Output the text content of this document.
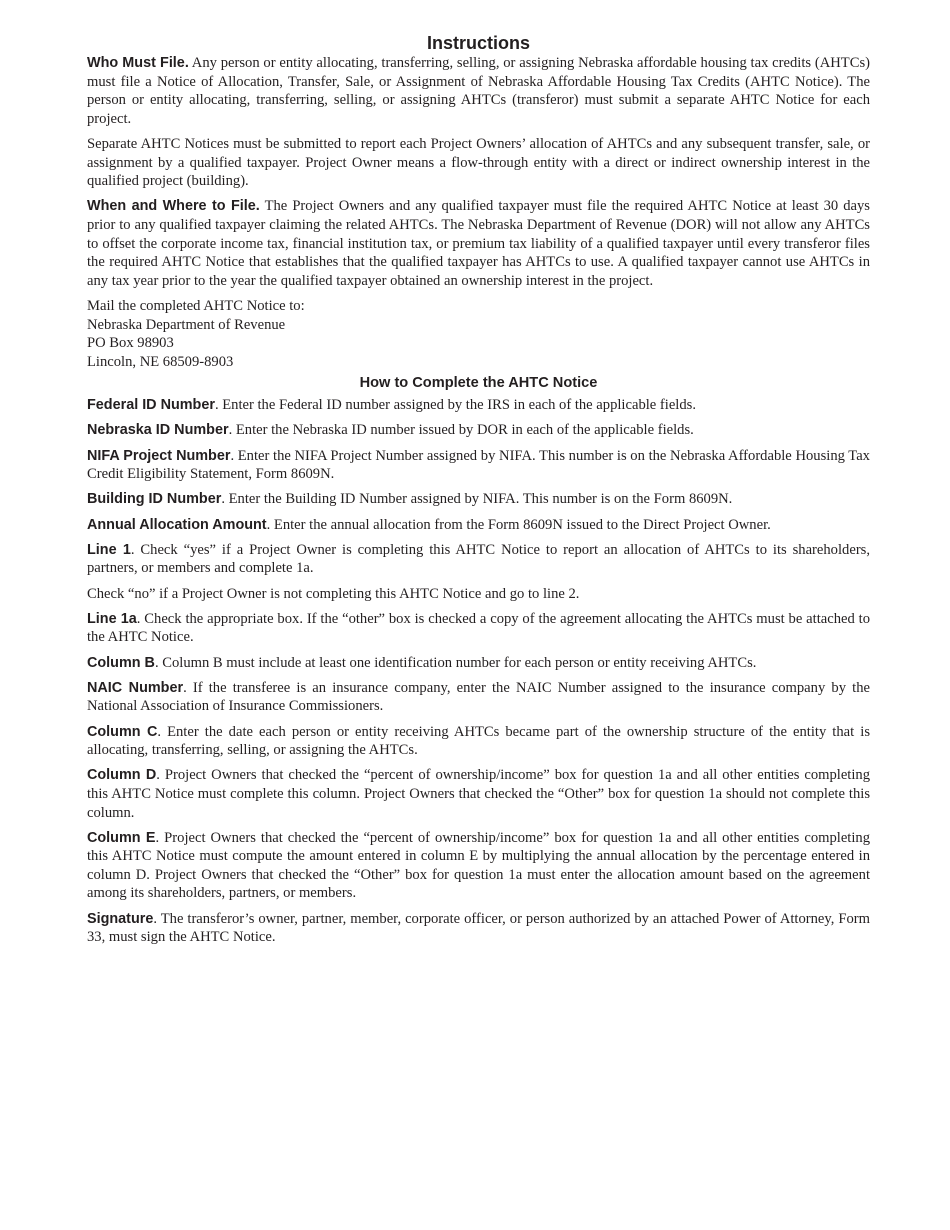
Instructions

Who Must File. Any person or entity allocating, transferring, selling, or assigning Nebraska affordable housing tax credits (AHTCs) must file a Notice of Allocation, Transfer, Sale, or Assignment of Nebraska Affordable Housing Tax Credits (AHTC Notice). The person or entity allocating, transferring, selling, or assigning AHTCs (transferor) must submit a separate AHTC Notice for each project.

Separate AHTC Notices must be submitted to report each Project Owners’ allocation of AHTCs and any subsequent transfer, sale, or assignment by a qualified taxpayer. Project Owner means a flow-through entity with a direct or indirect ownership interest in the qualified project (building).

When and Where to File. The Project Owners and any qualified taxpayer must file the required AHTC Notice at least 30 days prior to any qualified taxpayer claiming the related AHTCs. The Nebraska Department of Revenue (DOR) will not allow any AHTCs to offset the corporate income tax, financial institution tax, or premium tax liability of a qualified taxpayer until every transferor files the required AHTC Notice that establishes that the qualified taxpayer has AHTCs to use. A qualified taxpayer cannot use AHTCs in any tax year prior to the year the qualified taxpayer obtained an ownership interest in the project.

Mail the completed AHTC Notice to:
Nebraska Department of Revenue
PO Box 98903
Lincoln, NE 68509-8903

How to Complete the AHTC Notice

Federal ID Number. Enter the Federal ID number assigned by the IRS in each of the applicable fields.

Nebraska ID Number. Enter the Nebraska ID number issued by DOR in each of the applicable fields.

NIFA Project Number. Enter the NIFA Project Number assigned by NIFA. This number is on the Nebraska Affordable Housing Tax Credit Eligibility Statement, Form 8609N.

Building ID Number. Enter the Building ID Number assigned by NIFA. This number is on the Form 8609N.

Annual Allocation Amount. Enter the annual allocation from the Form 8609N issued to the Direct Project Owner.

Line 1. Check “yes” if a Project Owner is completing this AHTC Notice to report an allocation of AHTCs to its shareholders, partners, or members and complete 1a.

Check “no” if a Project Owner is not completing this AHTC Notice and go to line 2.

Line 1a. Check the appropriate box. If the “other” box is checked a copy of the agreement allocating the AHTCs must be attached to the AHTC Notice.

Column B. Column B must include at least one identification number for each person or entity receiving AHTCs.

NAIC Number. If the transferee is an insurance company, enter the NAIC Number assigned to the insurance company by the National Association of Insurance Commissioners.

Column C. Enter the date each person or entity receiving AHTCs became part of the ownership structure of the entity that is allocating, transferring, selling, or assigning the AHTCs.

Column D. Project Owners that checked the “percent of ownership/income” box for question 1a and all other entities completing this AHTC Notice must complete this column. Project Owners that checked the “Other” box for question 1a should not complete this column.

Column E. Project Owners that checked the “percent of ownership/income” box for question 1a and all other entities completing this AHTC Notice must compute the amount entered in column E by multiplying the annual allocation by the percentage entered in column D. Project Owners that checked the “Other” box for question 1a must enter the allocation amount based on the agreement among its shareholders, partners, or members.

Signature. The transferor’s owner, partner, member, corporate officer, or person authorized by an attached Power of Attorney, Form 33, must sign the AHTC Notice.
